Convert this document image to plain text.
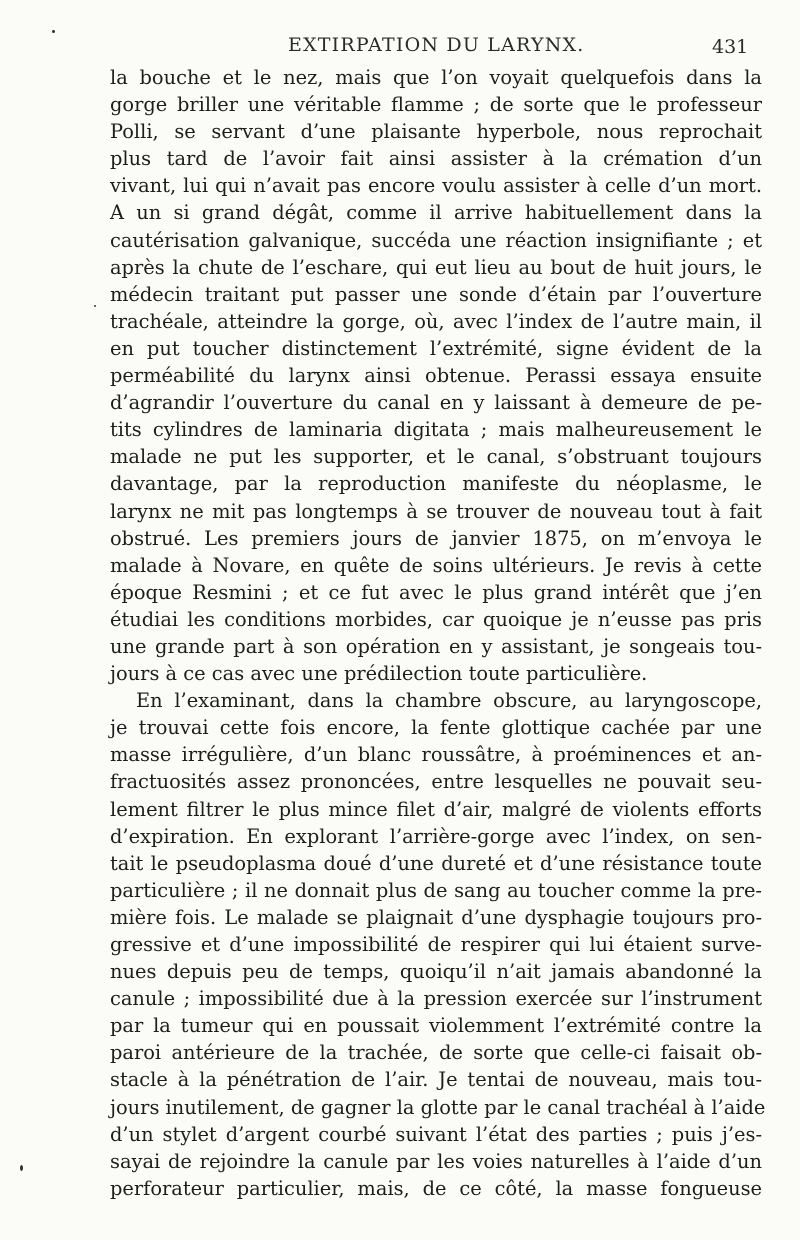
EXTIRPATION DU LARYNX.	431
la bouche et le nez, mais que l’on voyait quelquefois dans la
gorge briller une véritable flamme ; de sorte que le professeur
Polli, se servant d’une plaisante hyperbole, nous reprochait
plus tard de l’avoir fait ainsi assister à la crémation d’un
vivant, lui qui n’avait pas encore voulu assister à celle d’un mort.
A un si grand dégât, comme il arrive habituellement dans la
cautérisation galvanique, succéda une réaction insignifiante ; et
après la chute de l’eschare, qui eut lieu au bout de huit jours, le
médecin traitant put passer une sonde d’étain par l’ouverture
trachéale, atteindre la gorge, où, avec l’index de l’autre main, il
en put toucher distinctement l’extrémité, signe évident de la
perméabilité du larynx ainsi obtenue. Perassi essaya ensuite
d’agrandir l’ouverture du canal en y laissant à demeure de pe-
tits cylindres de laminaria digitata ; mais malheureusement le
malade ne put les supporter, et le canal, s’obstruant toujours
davantage, par la reproduction manifeste du néoplasme, le
larynx ne mit pas longtemps à se trouver de nouveau tout à fait
obstrué. Les premiers jours de janvier 1875, on m’envoya le
malade à Novare, en quête de soins ultérieurs. Je revis à cette
époque Resmini ; et ce fut avec le plus grand intérêt que j’en
étudiai les conditions morbides, car quoique je n’eusse pas pris
une grande part à son opération en y assistant, je songeais tou-
jours à ce cas avec une prédilection toute particulière.
En l’examinant, dans la chambre obscure, au laryngoscope,
je trouvai cette fois encore, la fente glottique cachée par une
masse irrégulière, d’un blanc roussâtre, à proéminences et an-
fractuosités assez prononcées, entre lesquelles ne pouvait seu-
lement filtrer le plus mince filet d’air, malgré de violents efforts
d’expiration. En explorant l’arrière-gorge avec l’index, on sen-
tait le pseudoplasma doué d’une dureté et d’une résistance toute
particulière ; il ne donnait plus de sang au toucher comme la pre-
mière fois. Le malade se plaignait d’une dysphagie toujours pro-
gressive et d’une impossibilité de respirer qui lui étaient surve-
nues depuis peu de temps, quoiqu’il n’ait jamais abandonné la
canule ; impossibilité due à la pression exercée sur l’instrument
par la tumeur qui en poussait violemment l’extrémité contre la
paroi antérieure de la trachée, de sorte que celle-ci faisait ob-
stacle à la pénétration de l’air. Je tentai de nouveau, mais tou-
jours inutilement, de gagner la glotte par le canal trachéal à l’aide
d’un stylet d’argent courbé suivant l’état des parties ; puis j’es-
sayai de rejoindre la canule par les voies naturelles à l’aide d’un
perforateur particulier, mais, de ce côté, la masse fongueuse
